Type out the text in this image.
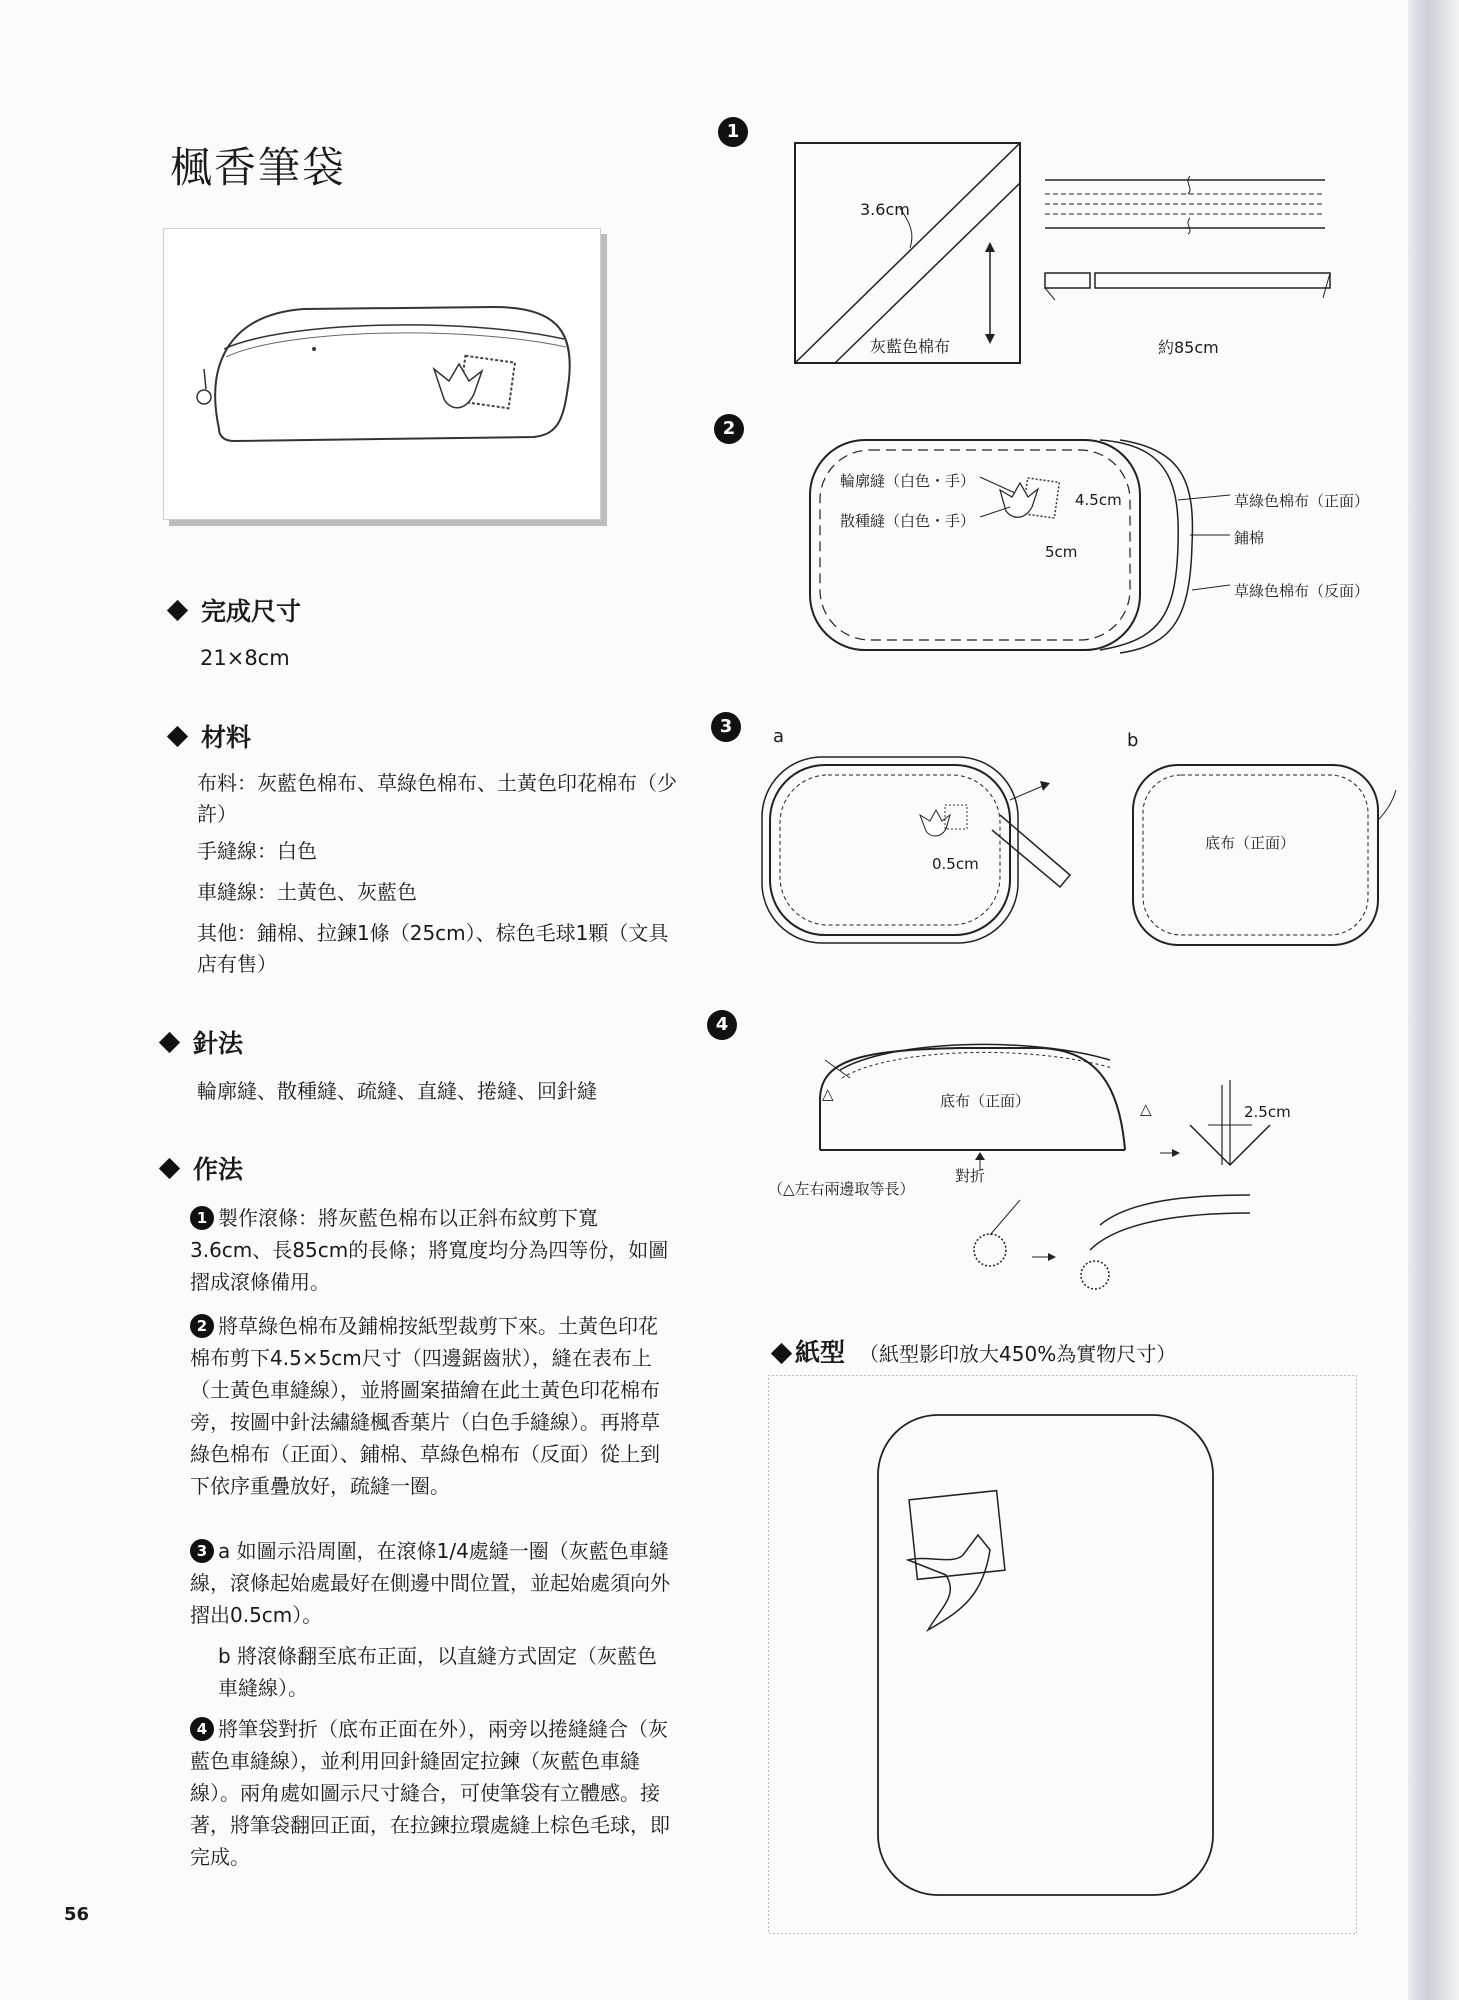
楓香筆袋
完成尺寸
21×8cm
材料
布料：灰藍色棉布、草綠色棉布、土黃色印花棉布（少許）
手縫線：白色
車縫線：土黃色、灰藍色
其他：鋪棉、拉鍊1條（25cm）、棕色毛球1顆（文具店有售）
針法
輪廓縫、散種縫、疏縫、直縫、捲縫、回針縫
作法
1 製作滾條：將灰藍色棉布以正斜布紋剪下寬3.6cm、長85cm的長條；將寬度均分為四等份，如圖摺成滾條備用。
2 將草綠色棉布及鋪棉按紙型裁剪下來。土黃色印花棉布剪下4.5×5cm尺寸（四邊鋸齒狀），縫在表布上（土黃色車縫線），並將圖案描繪在此土黃色印花棉布旁，按圖中針法繡縫楓香葉片（白色手縫線）。再將草綠色棉布（正面）、鋪棉、草綠色棉布（反面）從上到下依序重疊放好，疏縫一圈。
3 a 如圖示沿周圍，在滾條1/4處縫一圈（灰藍色車縫線，滾條起始處最好在側邊中間位置，並起始處須向外摺出0.5cm）。
b 將滾條翻至底布正面，以直縫方式固定（灰藍色車縫線）。
4 將筆袋對折（底布正面在外），兩旁以捲縫縫合（灰藍色車縫線），並利用回針縫固定拉鍊（灰藍色車縫線）。兩角處如圖示尺寸縫合，可使筆袋有立體感。接著，將筆袋翻回正面，在拉鍊拉環處縫上棕色毛球，即完成。
1
3.6cm
灰藍色棉布	約85cm
2
輪廓縫（白色・手）
散種縫（白色・手）
4.5cm
5cm
草綠色棉布（正面）
鋪棉
草綠色棉布（反面）
3	a	b
0.5cm
底布（正面）
4
△
△
底布（正面）
對折
（△左右兩邊取等長）
2.5cm
紙型 （紙型影印放大450%為實物尺寸）
56
